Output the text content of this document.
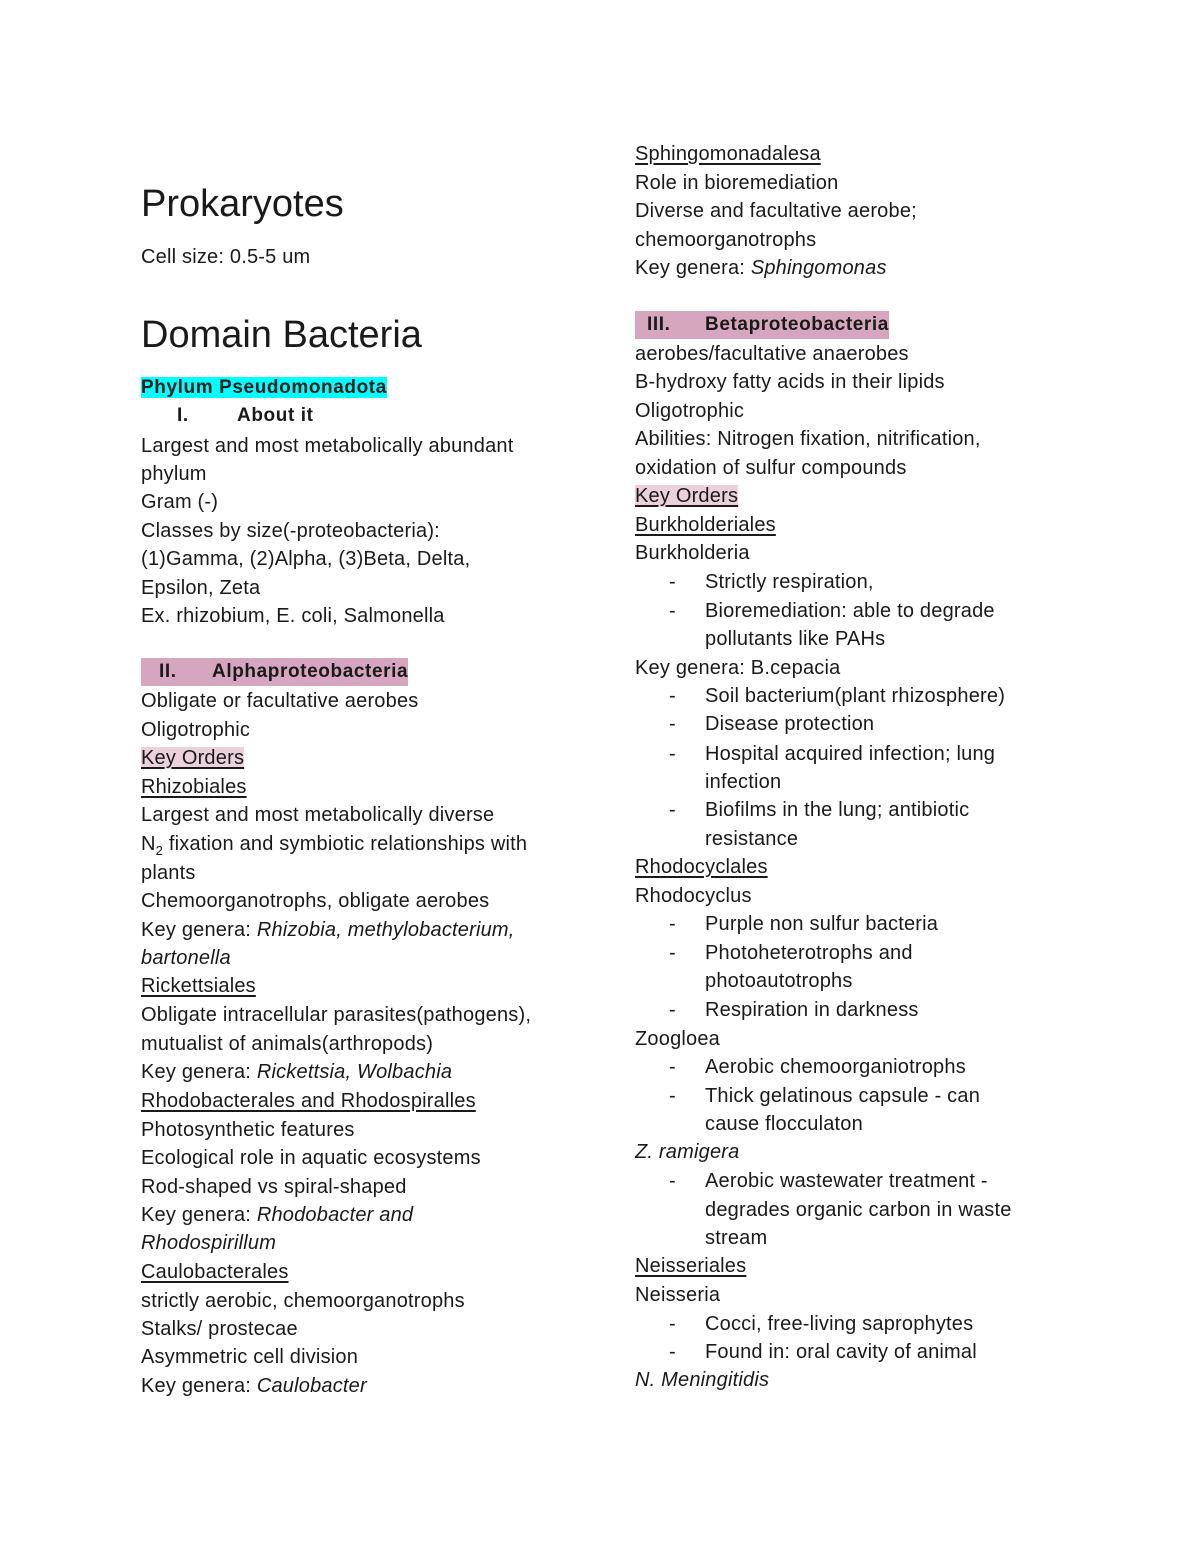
Prokaryotes
Cell size: 0.5-5 um
Domain Bacteria
Phylum Pseudomonadota
I.	About it
Largest and most metabolically abundant
phylum
Gram (-)
Classes by size(-proteobacteria):
(1)Gamma, (2)Alpha, (3)Beta, Delta,
Epsilon, Zeta
Ex. rhizobium, E. coli, Salmonella
II. Alphaproteobacteria
Obligate or facultative aerobes
Oligotrophic
Key Orders
Rhizobiales
Largest and most metabolically diverse
$N_2$ fixation and symbiotic relationships with
plants
Chemoorganotrophs, obligate aerobes
Key genera: Rhizobia, methylobacterium,
bartonella
Rickettsiales
Obligate intracellular parasites(pathogens),
mutualist of animals(arthropods)
Key genera: Rickettsia, Wolbachia
Rhodobacterales and Rhodospiralles
Photosynthetic features
Ecological role in aquatic ecosystems
Rod-shaped vs spiral-shaped
Key genera: Rhodobacter and
Rhodospirillum
Caulobacterales
strictly aerobic, chemoorganotrophs
Stalks/ prostecae
Asymmetric cell division
Key genera: Caulobacter
Sphingomonadalesa
Role in bioremediation
Diverse and facultative aerobe;
chemoorganotrophs
Key genera: Sphingomonas
III. Betaproteobacteria
aerobes/facultative anaerobes
B-hydroxy fatty acids in their lipids
Oligotrophic
Abilities: Nitrogen fixation, nitrification,
oxidation of sulfur compounds
Key Orders
Burkholderiales
Burkholderia
- Strictly respiration,
- Bioremediation: able to degrade
pollutants like PAHs
Key genera: B.cepacia
- Soil bacterium(plant rhizosphere)
- Disease protection
- Hospital acquired infection; lung
infection
- Biofilms in the lung; antibiotic
resistance
Rhodocyclales
Rhodocyclus
- Purple non sulfur bacteria
- Photoheterotrophs and
photoautotrophs
- Respiration in darkness
Zoogloea
- Aerobic chemoorganiotrophs
- Thick gelatinous capsule - can
cause flocculaton
Z. ramigera
- Aerobic wastewater treatment -
degrades organic carbon in waste
stream
Neisseriales
Neisseria
- Cocci, free-living saprophytes
- Found in: oral cavity of animal
N. Meningitidis
